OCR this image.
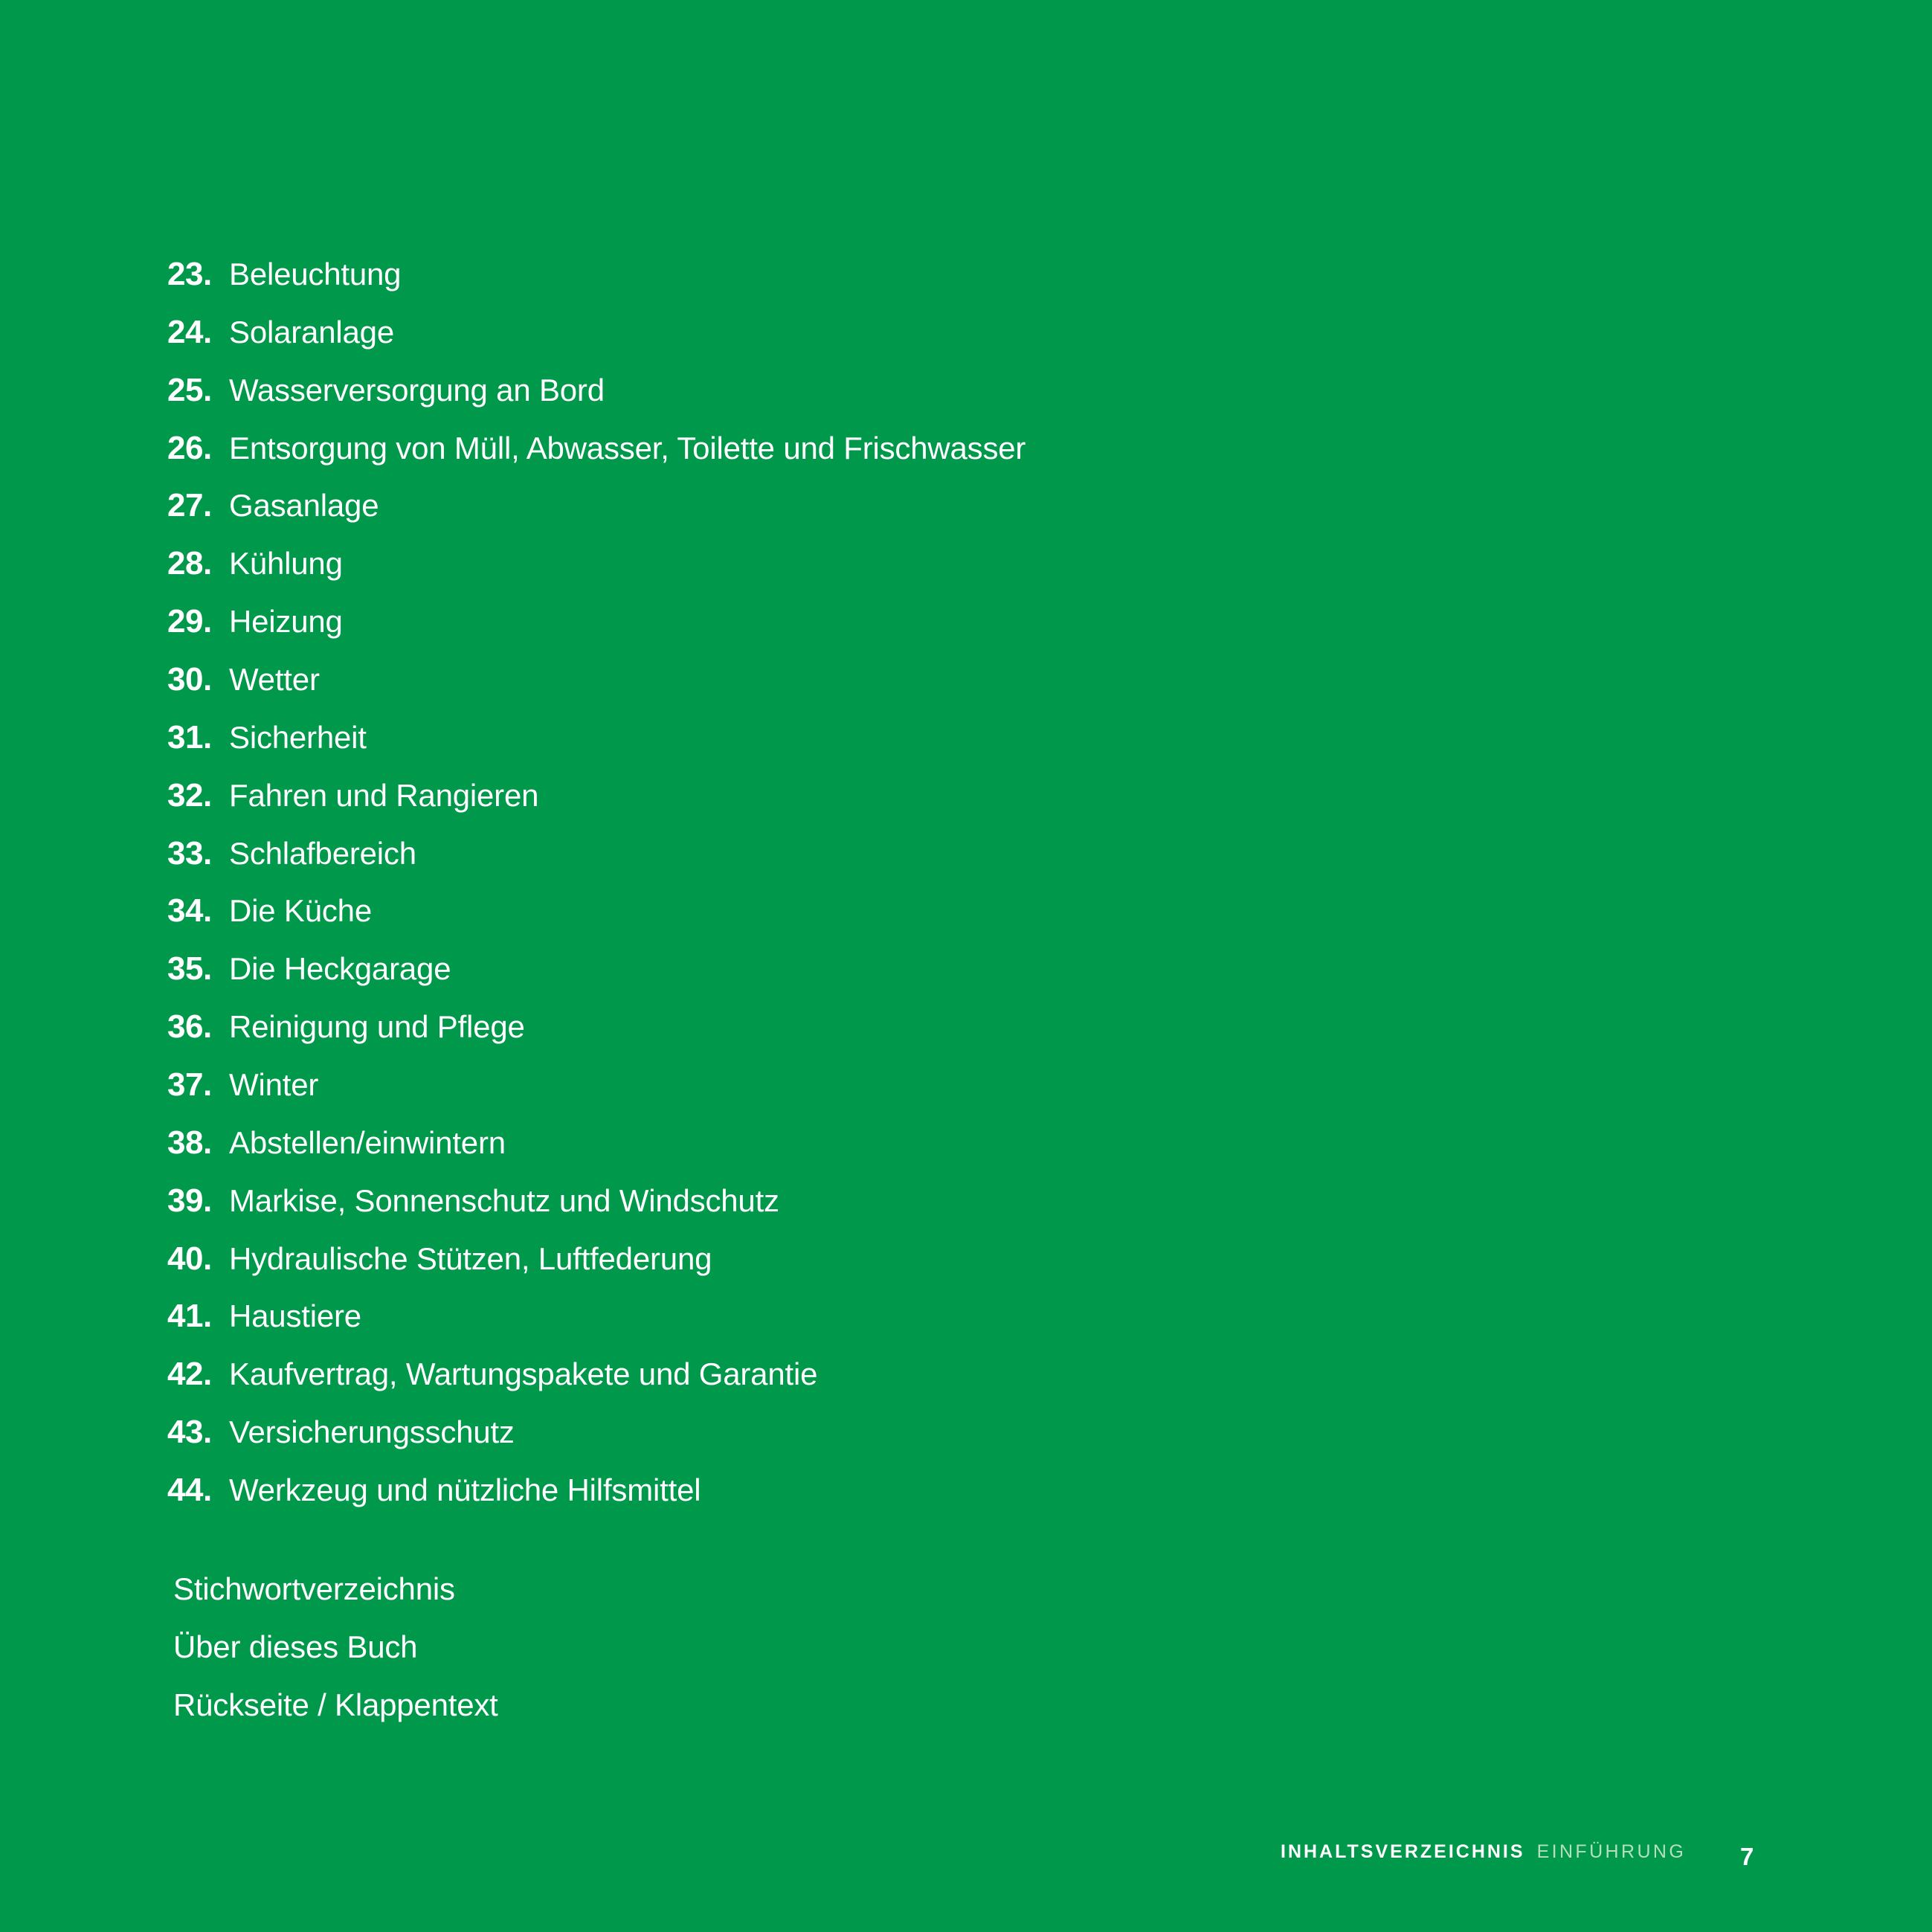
23. Beleuchtung
24. Solaranlage
25. Wasserversorgung an Bord
26. Entsorgung von Müll, Abwasser, Toilette und Frischwasser
27. Gasanlage
28. Kühlung
29. Heizung
30. Wetter
31. Sicherheit
32. Fahren und Rangieren
33. Schlafbereich
34. Die Küche
35. Die Heckgarage
36. Reinigung und Pflege
37. Winter
38. Abstellen/einwintern
39. Markise, Sonnenschutz und Windschutz
40. Hydraulische Stützen, Luftfederung
41. Haustiere
42. Kaufvertrag, Wartungspakete und Garantie
43. Versicherungsschutz
44. Werkzeug und nützliche Hilfsmittel
INHALTSVERZEICHNIS EINFÜHRUNG 7
Stichwortverzeichnis
Über dieses Buch
Rückseite / Klappentext
